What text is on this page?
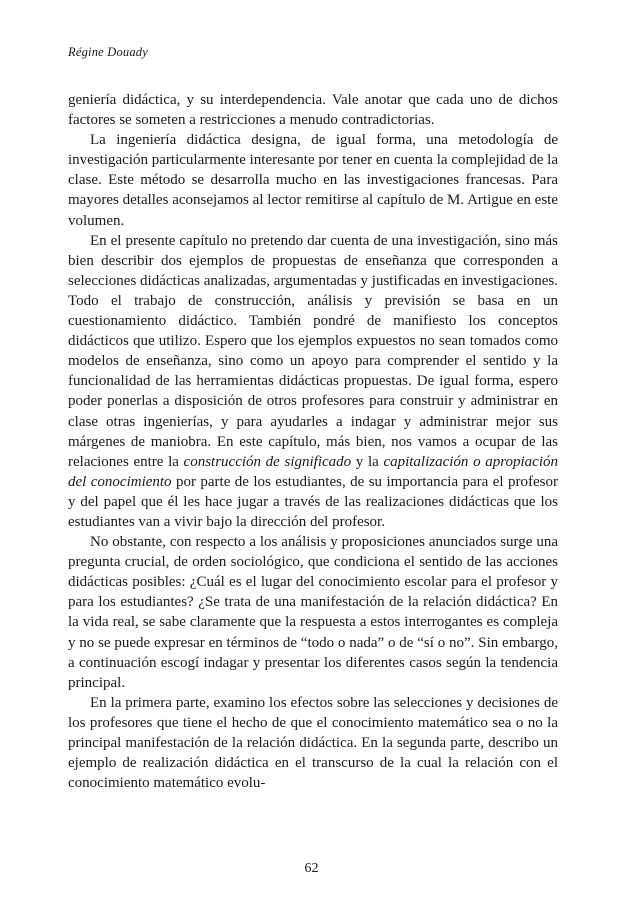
Régine Douady

geniería didáctica, y su interdependencia. Vale anotar que cada uno de dichos factores se someten a restricciones a menudo contradictorias.

La ingeniería didáctica designa, de igual forma, una metodología de investigación particularmente interesante por tener en cuenta la complejidad de la clase. Este método se desarrolla mucho en las investigaciones francesas. Para mayores detalles aconsejamos al lector remitirse al capítulo de M. Artigue en este volumen.

En el presente capítulo no pretendo dar cuenta de una investigación, sino más bien describir dos ejemplos de propuestas de enseñanza que corresponden a selecciones didácticas analizadas, argumentadas y justificadas en investigaciones. Todo el trabajo de construcción, análisis y previsión se basa en un cuestionamiento didáctico. También pondré de manifiesto los conceptos didácticos que utilizo. Espero que los ejemplos expuestos no sean tomados como modelos de enseñanza, sino como un apoyo para comprender el sentido y la funcionalidad de las herramientas didácticas propuestas. De igual forma, espero poder ponerlas a disposición de otros profesores para construir y administrar en clase otras ingenierías, y para ayudarles a indagar y administrar mejor sus márgenes de maniobra. En este capítulo, más bien, nos vamos a ocupar de las relaciones entre la construcción de significado y la capitalización o apropiación del conocimiento por parte de los estudiantes, de su importancia para el profesor y del papel que él les hace jugar a través de las realizaciones didácticas que los estudiantes van a vivir bajo la dirección del profesor.

No obstante, con respecto a los análisis y proposiciones anunciados surge una pregunta crucial, de orden sociológico, que condiciona el sentido de las acciones didácticas posibles: ¿Cuál es el lugar del conocimiento escolar para el profesor y para los estudiantes? ¿Se trata de una manifestación de la relación didáctica? En la vida real, se sabe claramente que la respuesta a estos interrogantes es compleja y no se puede expresar en términos de “todo o nada” o de “sí o no”. Sin embargo, a continuación escogí indagar y presentar los diferentes casos según la tendencia principal.

En la primera parte, examino los efectos sobre las selecciones y decisiones de los profesores que tiene el hecho de que el conocimiento matemático sea o no la principal manifestación de la relación didáctica. En la segunda parte, describo un ejemplo de realización didáctica en el transcurso de la cual la relación con el conocimiento matemático evolu-

62
